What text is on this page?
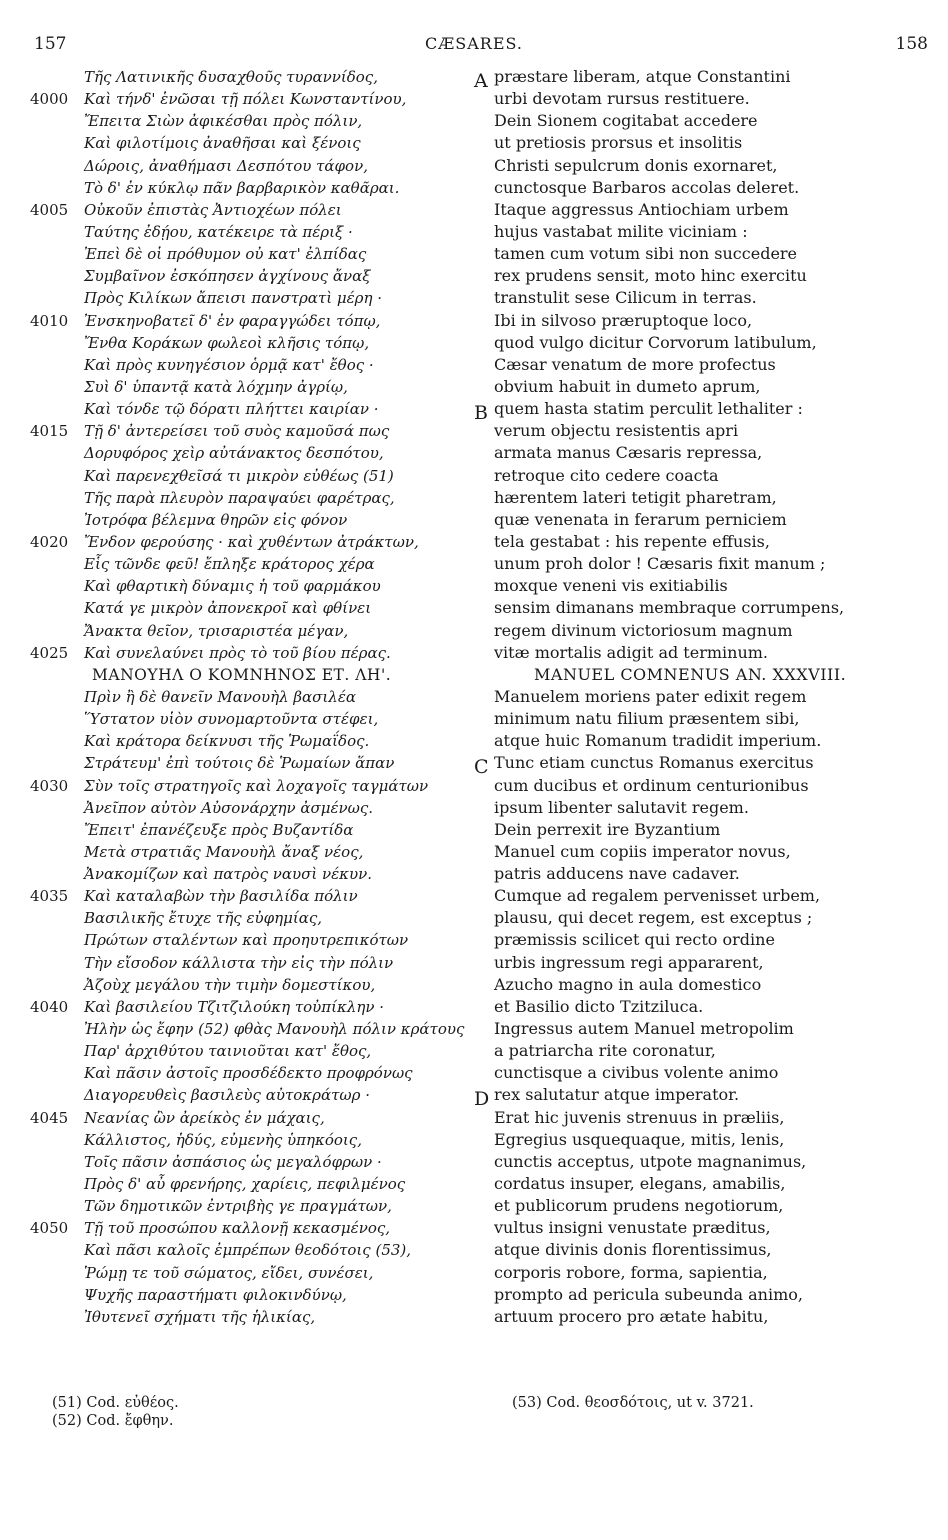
157	CÆSARES.	158
Τῆς Λατινικῆς δυσαχθοῦς τυραννίδος,
4000	Καὶ τήνδ' ἑνῶσαι τῇ πόλει Κωνσταντίνου,
Ἔπειτα Σιὼν ἀφικέσθαι πρὸς πόλιν,
Καὶ φιλοτίμοις ἀναθῆσαι καὶ ξένοις
Δώροις, ἀναθήμασι Δεσπότου τάφον,
Τὸ δ' ἐν κύκλῳ πᾶν βαρβαρικὸν καθᾶραι.
4005	Οὐκοῦν ἐπιστὰς Ἀντιοχέων πόλει
Ταύτης ἐδῄου, κατέκειρε τὰ πέριξ ·
Ἐπεὶ δὲ οἱ πρόθυμον οὐ κατ' ἐλπίδας
Συμβαῖνον ἐσκόπησεν ἀγχίνους ἄναξ
Πρὸς Κιλίκων ἄπεισι πανστρατὶ μέρη ·
4010	Ἐνσκηνοβατεῖ δ' ἐν φαραγγώδει τόπῳ,
Ἔνθα Κοράκων φωλεοὶ κλῆσις τόπῳ,
Καὶ πρὸς κυνηγέσιον ὁρμᾷ κατ' ἔθος ·
Συὶ δ' ὑπαντᾷ κατὰ λόχμην ἀγρίῳ,
Καὶ τόνδε τῷ δόρατι πλήττει καιρίαν ·
4015	Τῇ δ' ἀντερείσει τοῦ συὸς καμοῦσά πως
Δορυφόρος χεὶρ αὐτάνακτος δεσπότου,
Καὶ παρενεχθεῖσά τι μικρὸν εὐθέως (51)
Τῆς παρὰ πλευρὸν παραψαύει φαρέτρας,
Ἰοτρόφα βέλεμνα θηρῶν εἰς φόνον
4020	Ἔνδον φερούσης · καὶ χυθέντων ἀτράκτων,
Εἷς τῶνδε φεῦ! ἔπληξε κράτορος χέρα
Καὶ φθαρτικὴ δύναμις ἡ τοῦ φαρμάκου
Κατά γε μικρὸν ἀπονεκροῖ καὶ φθίνει
Ἄνακτα θεῖον, τρισαριστέα μέγαν,
4025	Καὶ συνελαύνει πρὸς τὸ τοῦ βίου πέρας.
ΜΑΝΟΥΗΛ Ο ΚΟΜΝΗΝΟΣ ΕΤ. ΛΗ'.
Πρὶν ἢ δὲ θανεῖν Μανουὴλ βασιλέα
Ὕστατον υἱὸν συνομαρτοῦντα στέφει,
Καὶ κράτορα δείκνυσι τῆς Ῥωμαΐδος.
Στράτευμ' ἐπὶ τούτοις δὲ Ῥωμαίων ἅπαν
4030	Σὺν τοῖς στρατηγοῖς καὶ λοχαγοῖς ταγμάτων
Ἀνεῖπον αὐτὸν Αὐσονάρχην ἀσμένως.
Ἔπειτ' ἐπανέζευξε πρὸς Βυζαντίδα
Μετὰ στρατιᾶς Μανουὴλ ἄναξ νέος,
Ἀνακομίζων καὶ πατρὸς ναυσὶ νέκυν.
4035	Καὶ καταλαβὼν τὴν βασιλίδα πόλιν
Βασιλικῆς ἔτυχε τῆς εὐφημίας,
Πρώτων σταλέντων καὶ προηυτρεπικότων
Τὴν εἴσοδον κάλλιστα τὴν εἰς τὴν πόλιν
Ἀζοὺχ μεγάλου τὴν τιμὴν δομεστίκου,
4040	Καὶ βασιλείου Τζιτζιλούκη τοὐπίκλην ·
Ἠλὴν ὡς ἔφην (52) φθὰς Μανουὴλ πόλιν κράτους
Παρ' ἀρχιθύτου ταινιοῦται κατ' ἔθος,
Καὶ πᾶσιν ἀστοῖς προσδέδεκτο προφρόνως
Διαγορευθεὶς βασιλεὺς αὐτοκράτωρ ·
4045	Νεανίας ὢν ἀρείκὸς ἐν μάχαις,
Κάλλιστος, ἡδύς, εὐμενὴς ὑπηκόοις,
Τοῖς πᾶσιν ἀσπάσιος ὡς μεγαλόφρων ·
Πρὸς δ' αὖ φρενήρης, χαρίεις, πεφιλμένος
Τῶν δημοτικῶν ἐντριβὴς γε πραγμάτων,
4050	Τῇ τοῦ προσώπου καλλονῇ κεκασμένος,
Καὶ πᾶσι καλοῖς ἐμπρέπων θεοδότοις (53),
Ῥώμῃ τε τοῦ σώματος, εἴδει, συνέσει,
Ψυχῆς παραστήματι φιλοκινδύνῳ,
Ἰθυτενεῖ σχήματι τῆς ἡλικίας,
A præstare liberam, atque Constantini
urbi devotam rursus restituere.
Dein Sionem cogitabat accedere
ut pretiosis prorsus et insolitis
Christi sepulcrum donis exornaret,
cunctosque Barbaros accolas deleret.
Itaque aggressus Antiochiam urbem
hujus vastabat milite viciniam :
tamen cum votum sibi non succedere
rex prudens sensit, moto hinc exercitu
transtulit sese Cilicum in terras.
Ibi in silvoso præruptoque loco,
quod vulgo dicitur Corvorum latibulum,
Cæsar venatum de more profectus
obvium habuit in dumeto aprum,
B quem hasta statim perculit lethaliter :
verum objectu resistentis apri
armata manus Cæsaris repressa,
retroque cito cedere coacta
hærentem lateri tetigit pharetram,
quæ venenata in ferarum perniciem
tela gestabat : his repente effusis,
unum proh dolor ! Cæsaris fixit manum ;
moxque veneni vis exitiabilis
sensim dimanans membraque corrumpens,
regem divinum victoriosum magnum
vitæ mortalis adigit ad terminum.
MANUEL COMNENUS AN. XXXVIII.
Manuelem moriens pater edixit regem
minimum natu filium præsentem sibi,
atque huic Romanum tradidit imperium.
C Tunc etiam cunctus Romanus exercitus
cum ducibus et ordinum centurionibus
ipsum libenter salutavit regem.
Dein perrexit ire Byzantium
Manuel cum copiis imperator novus,
patris adducens nave cadaver.
Cumque ad regalem pervenisset urbem,
plausu, qui decet regem, est exceptus ;
præmissis scilicet qui recto ordine
urbis ingressum regi appararent,
Azucho magno in aula domestico
et Basilio dicto Tzitziluca.
Ingressus autem Manuel metropolim
a patriarcha rite coronatur,
cunctisque a civibus volente animo
D rex salutatur atque imperator.
Erat hic juvenis strenuus in præliis,
Egregius usquequaque, mitis, lenis,
cunctis acceptus, utpote magnanimus,
cordatus insuper, elegans, amabilis,
et publicorum prudens negotiorum,
vultus insigni venustate præditus,
atque divinis donis florentissimus,
corporis robore, forma, sapientia,
prompto ad pericula subeunda animo,
artuum procero pro ætate habitu,
(51) Cod. εὐθέος.
(52) Cod. ἔφθην.
(53) Cod. θεοσδότοις, ut v. 3721.
